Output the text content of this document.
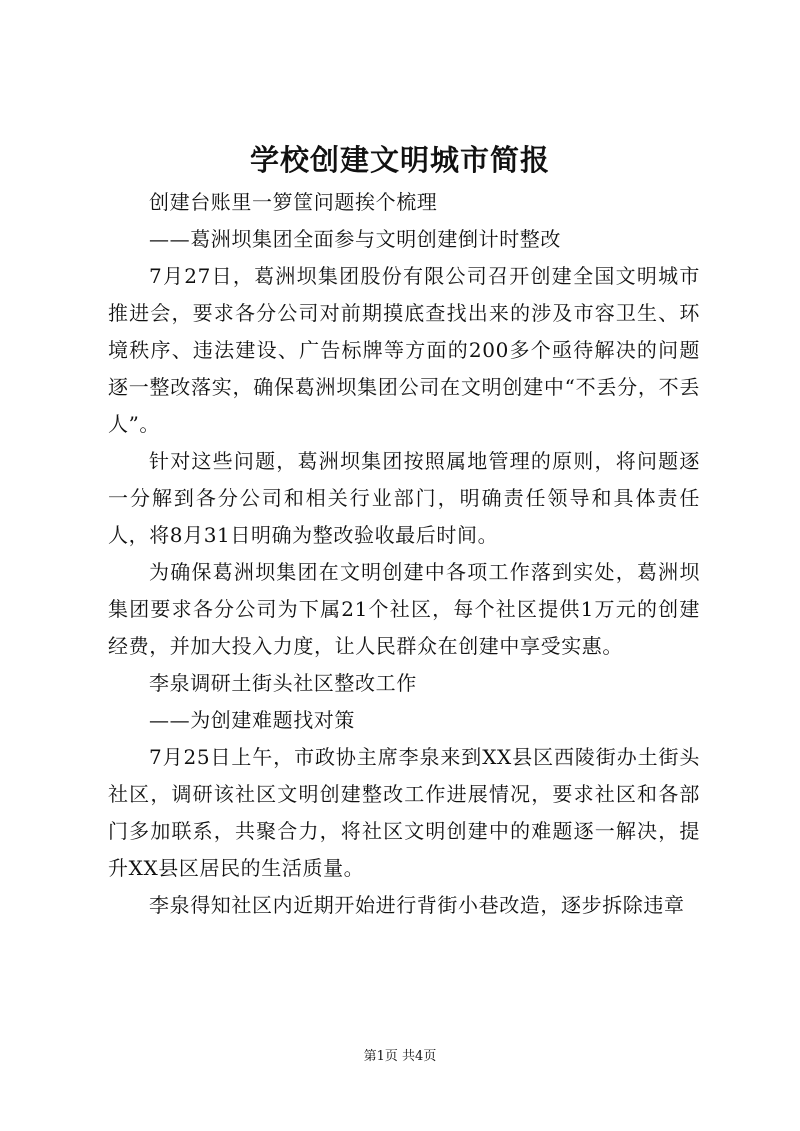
学校创建文明城市简报

创建台账里一箩筐问题挨个梳理

——葛洲坝集团全面参与文明创建倒计时整改

7月27日，葛洲坝集团股份有限公司召开创建全国文明城市推进会，要求各分公司对前期摸底查找出来的涉及市容卫生、环境秩序、违法建设、广告标牌等方面的200多个亟待解决的问题逐一整改落实，确保葛洲坝集团公司在文明创建中“不丢分，不丢人”。

针对这些问题，葛洲坝集团按照属地管理的原则，将问题逐一分解到各分公司和相关行业部门，明确责任领导和具体责任人，将8月31日明确为整改验收最后时间。

为确保葛洲坝集团在文明创建中各项工作落到实处，葛洲坝集团要求各分公司为下属21个社区，每个社区提供1万元的创建经费，并加大投入力度，让人民群众在创建中享受实惠。

李泉调研土街头社区整改工作

——为创建难题找对策

7月25日上午，市政协主席李泉来到XX县区西陵街办土街头社区，调研该社区文明创建整改工作进展情况，要求社区和各部门多加联系，共聚合力，将社区文明创建中的难题逐一解决，提升XX县区居民的生活质量。

李泉得知社区内近期开始进行背街小巷改造，逐步拆除违章

第1页 共4页
